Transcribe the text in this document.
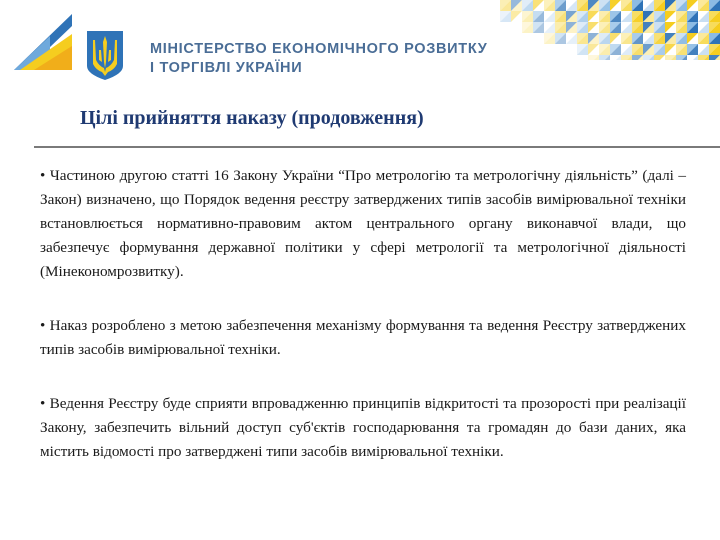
МІНІСТЕРСТВО ЕКОНОМІЧНОГО РОЗВИТКУ
І ТОРГІВЛІ УКРАЇНИ
Цілі прийняття наказу (продовження)

• Частиною другою статті 16 Закону України “Про метрологію та метрологічну діяльність” (далі – Закон) визначено, що Порядок ведення реєстру затверджених типів засобів вимірювальної техніки встановлюється нормативно-правовим актом центрального органу виконавчої влади, що забезпечує формування державної політики у сфері метрології та метрологічної діяльності (Мінекономрозвитку).

• Наказ розроблено з метою забезпечення механізму формування та ведення Реєстру затверджених типів засобів вимірювальної техніки.

• Ведення Реєстру буде сприяти впровадженню принципів відкритості та прозорості при реалізації Закону, забезпечить вільний доступ суб'єктів господарювання та громадян до бази даних, яка містить відомості про затверджені типи засобів вимірювальної техніки.
